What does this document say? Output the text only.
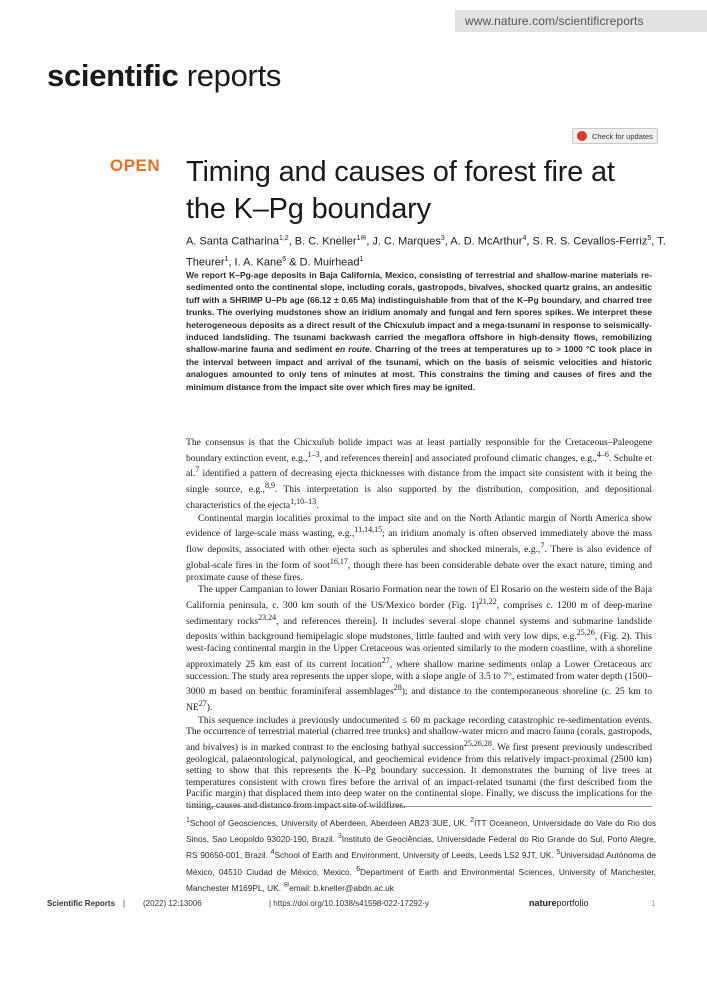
www.nature.com/scientificreports
scientific reports
Check for updates
OPEN Timing and causes of forest fire at the K–Pg boundary
A. Santa Catharina$^{1,2}$, B. C. Kneller$^{1✉}$, J. C. Marques$^3$, A. D. McArthur$^4$, S. R. S. Cevallos-Ferriz$^5$, T. Theurer$^1$, I. A. Kane$^6$ & D. Muirhead$^1$
We report K–Pg-age deposits in Baja California, Mexico, consisting of terrestrial and shallow-marine materials re-sedimented onto the continental slope, including corals, gastropods, bivalves, shocked quartz grains, an andesitic tuff with a SHRIMP U–Pb age (66.12 ± 0.65 Ma) indistinguishable from that of the K–Pg boundary, and charred tree trunks. The overlying mudstones show an iridium anomaly and fungal and fern spores spikes. We interpret these heterogeneous deposits as a direct result of the Chicxulub impact and a mega-tsunami in response to seismically-induced landsliding. The tsunami backwash carried the megaflora offshore in high-density flows, remobilizing shallow-marine fauna and sediment en route. Charring of the trees at temperatures up to > 1000 °C took place in the interval between impact and arrival of the tsunami, which on the basis of seismic velocities and historic analogues amounted to only tens of minutes at most. This constrains the timing and causes of fires and the minimum distance from the impact site over which fires may be ignited.

The consensus is that the Chicxulub bolide impact was at least partially responsible for the Cretaceous–Paleogene boundary extinction event, e.g.,$^{1-3}$, and references therein] and associated profound climatic changes, e.g.,$^{4-6}$. Schulte et al.$^7$ identified a pattern of decreasing ejecta thicknesses with distance from the impact site consistent with it being the single source, e.g.,$^{8,9}$. This interpretation is also supported by the distribution, composition, and depositional characteristics of the ejecta$^{1,10-13}$.

Continental margin localities proximal to the impact site and on the North Atlantic margin of North America show evidence of large-scale mass wasting, e.g.,$^{11,14,15}$; an iridium anomaly is often observed immediately above the mass flow deposits, associated with other ejecta such as spherules and shocked minerals, e.g.,$^7$. There is also evidence of global-scale fires in the form of soot$^{16,17}$, though there has been considerable debate over the exact nature, timing and proximate cause of these fires.

The upper Campanian to lower Danian Rosario Formation near the town of El Rosario on the western side of the Baja California peninsula, c. 300 km south of the US/Mexico border (Fig. 1)$^{21,22}$, comprises c. 1200 m of deep-marine sedimentary rocks$^{23,24}$, and references therein]. It includes several slope channel systems and submarine landslide deposits within background hemipelagic slope mudstones, little faulted and with very low dips, e.g.$^{25,26}$, (Fig. 2). This west-facing continental margin in the Upper Cretaceous was oriented similarly to the modern coastline, with a shoreline approximately 25 km east of its current location$^{27}$, where shallow marine sediments onlap a Lower Cretaceous arc succession. The study area represents the upper slope, with a slope angle of 3.5 to 7°, estimated from water depth (1500–3000 m based on benthic foraminiferal assemblages$^{28}$); and distance to the contemporaneous shoreline (c. 25 km to NE$^{27}$).

This sequence includes a previously undocumented ≤ 60 m package recording catastrophic re-sedimentation events. The occurrence of terrestrial material (charred tree trunks) and shallow-water micro and macro fauna (corals, gastropods, and bivalves) is in marked contrast to the enclosing bathyal succession$^{25,26,28}$. We first present previously undescribed geological, palaeontological, palynological, and geochemical evidence from this relatively impact-proximal (2500 km) setting to show that this represents the K–Pg boundary succession. It demonstrates the burning of live trees at temperatures consistent with crown fires before the arrival of an impact-related tsunami (the first described from the Pacific margin) that displaced them into deep water on the continental slope. Finally, we discuss the implications for the timing, causes and distance from impact site of wildfires.

$^1$School of Geosciences, University of Aberdeen, Aberdeen AB23 3UE, UK. $^2$ITT Oceaneon, Universidade do Vale do Rio dos Sinos, Sao Leopoldo 93020-190, Brazil. $^3$Instituto de Geociências, Universidade Federal do Rio Grande do Sul, Porto Alegre, RS 90650-001, Brazil. $^4$School of Earth and Environment, University of Leeds, Leeds LS2 9JT, UK. $^5$Universidad Autónoma de México, 04510 Ciudad de México, Mexico. $^6$Department of Earth and Environmental Sciences, University of Manchester, Manchester M169PL, UK. ✉email: b.kneller@abdn.ac.uk
Scientific Reports | (2022) 12:13006	| https://doi.org/10.1038/s41598-022-17292-y	natureportfolio	1
